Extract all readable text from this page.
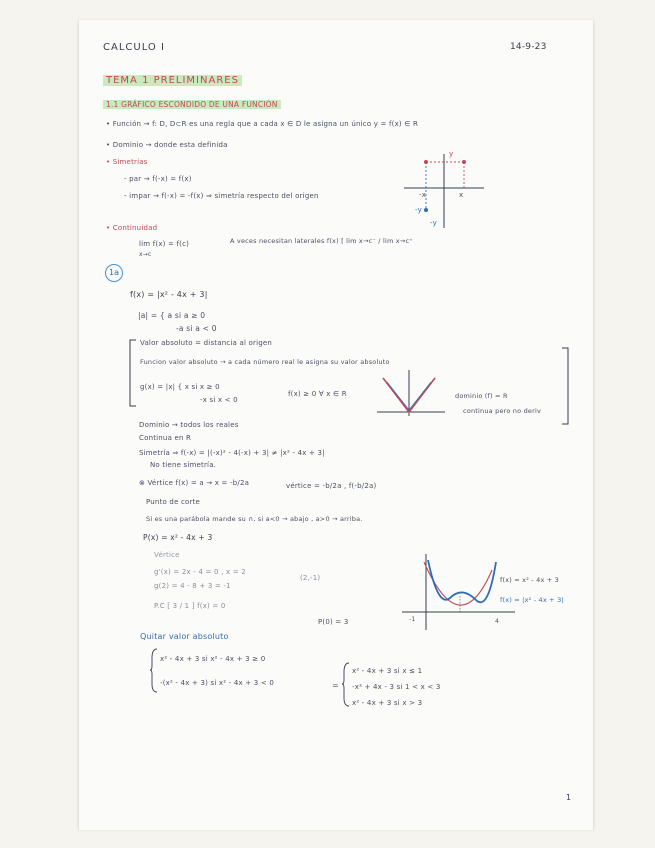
CALCULO I	14-9-23
TEMA 1 PRELIMINARES
1.1 GRÁFICO ESCONDIDO DE UNA FUNCIÓN
• Función → f: D, D⊂R es una regla que a cada x ∈ D le asigna un único y = f(x) ∈ R
• Dominio → donde esta definida
• Simetrías
- par → f(-x) = f(x)
- impar → f(-x) = -f(x) ⇒ simetría respecto del origen
y
-x	x
-y
-y
• Continuidad
lim f(x) = f(c)
x→c
A veces necesitan laterales f(x) [ lim x→c⁻ / lim x→c⁺
1a
f(x) = |x² - 4x + 3|
|a| = { a si a ≥ 0
-a si a < 0
Valor absoluto = distancia al origen
Funcion valor absoluto → a cada número real le asigna su valor absoluto
g(x) = |x| { x si x ≥ 0
-x si x < 0
f(x) ≥ 0 ∀ x ∈ R	dominio (f) = R
continua pero no deriv
Dominio → todos los reales
Continua en R
Simetría ⇒ f(-x) = |(-x)² - 4(-x) + 3| ≠ |x² - 4x + 3|
No tiene simetría.
⊗ Vértice f(x) = a → x = -b/2a	vértice = -b/2a , f(-b/2a)
Punto de corte
Si es una parábola mande su ∩, si a<0 → abajo , a>0 → arriba.
P(x) = x² - 4x + 3
Vértice
g'(x) = 2x - 4 = 0 , x = 2
g(2) = 4 - 8 + 3 = -1
(2,-1)
P.C [ 3 / 1 ] f(x) = 0
P(0) = 3
f(x) = x² - 4x + 3
f(x) = |x² - 4x + 3|
-1	4
Quitar valor absoluto
x² - 4x + 3 si x² - 4x + 3 ≥ 0
-(x² - 4x + 3) si x² - 4x + 3 < 0	=
x² - 4x + 3 si x ≤ 1
-x² + 4x - 3 si 1 < x < 3
x² - 4x + 3 si x > 3
1
